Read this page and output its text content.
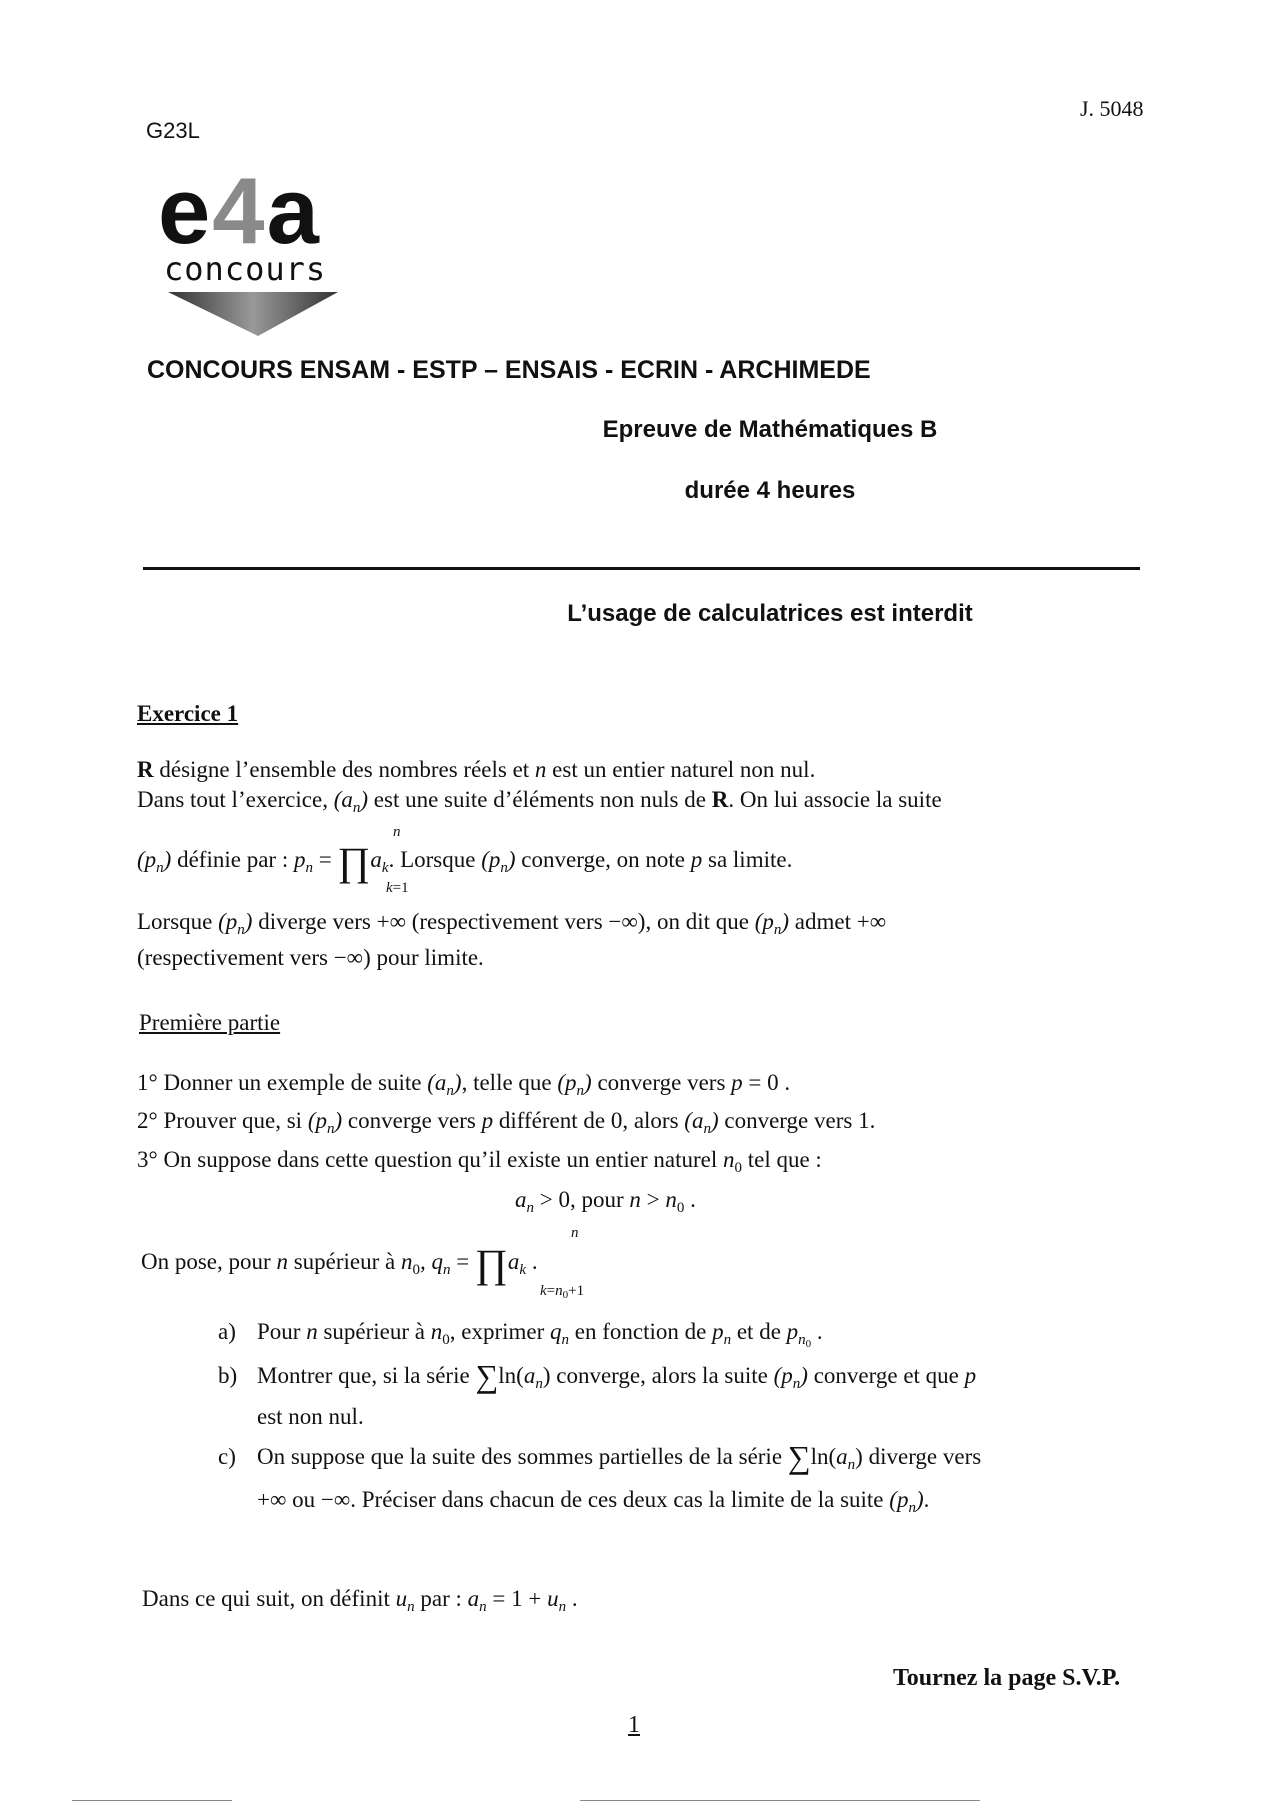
G23L
J. 5048
e4a
concours
CONCOURS ENSAM - ESTP – ENSAIS - ECRIN - ARCHIMEDE
Epreuve de Mathématiques B
durée 4 heures
L’usage de calculatrices est interdit
Exercice 1
R désigne l’ensemble des nombres réels et n est un entier naturel non nul.
Dans tout l’exercice, $(a_n)$ est une suite d’éléments non nuls de R. On lui associe la suite
n
$(p_n)$ définie par : $p_n$ = $\prod a_k$. Lorsque $(p_n)$ converge, on note p sa limite.
k=1
Lorsque $(p_n)$ diverge vers +∞ (respectivement vers −∞), on dit que $(p_n)$ admet +∞
(respectivement vers −∞) pour limite.
Première partie
1° Donner un exemple de suite $(a_n)$, telle que $(p_n)$ converge vers p = 0 .
2° Prouver que, si $(p_n)$ converge vers p différent de 0, alors $(a_n)$ converge vers 1.
3° On suppose dans cette question qu’il existe un entier naturel $n_0$ tel que :
$a_n > 0$, pour $n > n_0$ .
n
On pose, pour n supérieur à $n_0$, $q_n$ = $\prod a_k$ .
$k=n_0+1$
a) Pour n supérieur à $n_0$, exprimer $q_n$ en fonction de $p_n$ et de $p_{n_0}$ .
b) Montrer que, si la série $\sum\ln(a_n)$ converge, alors la suite $(p_n)$ converge et que p
est non nul.
c) On suppose que la suite des sommes partielles de la série $\sum\ln(a_n)$ diverge vers
+∞ ou −∞. Préciser dans chacun de ces deux cas la limite de la suite $(p_n)$.
Dans ce qui suit, on définit $u_n$ par : $a_n = 1 + u_n$ .
Tournez la page S.V.P.
1
